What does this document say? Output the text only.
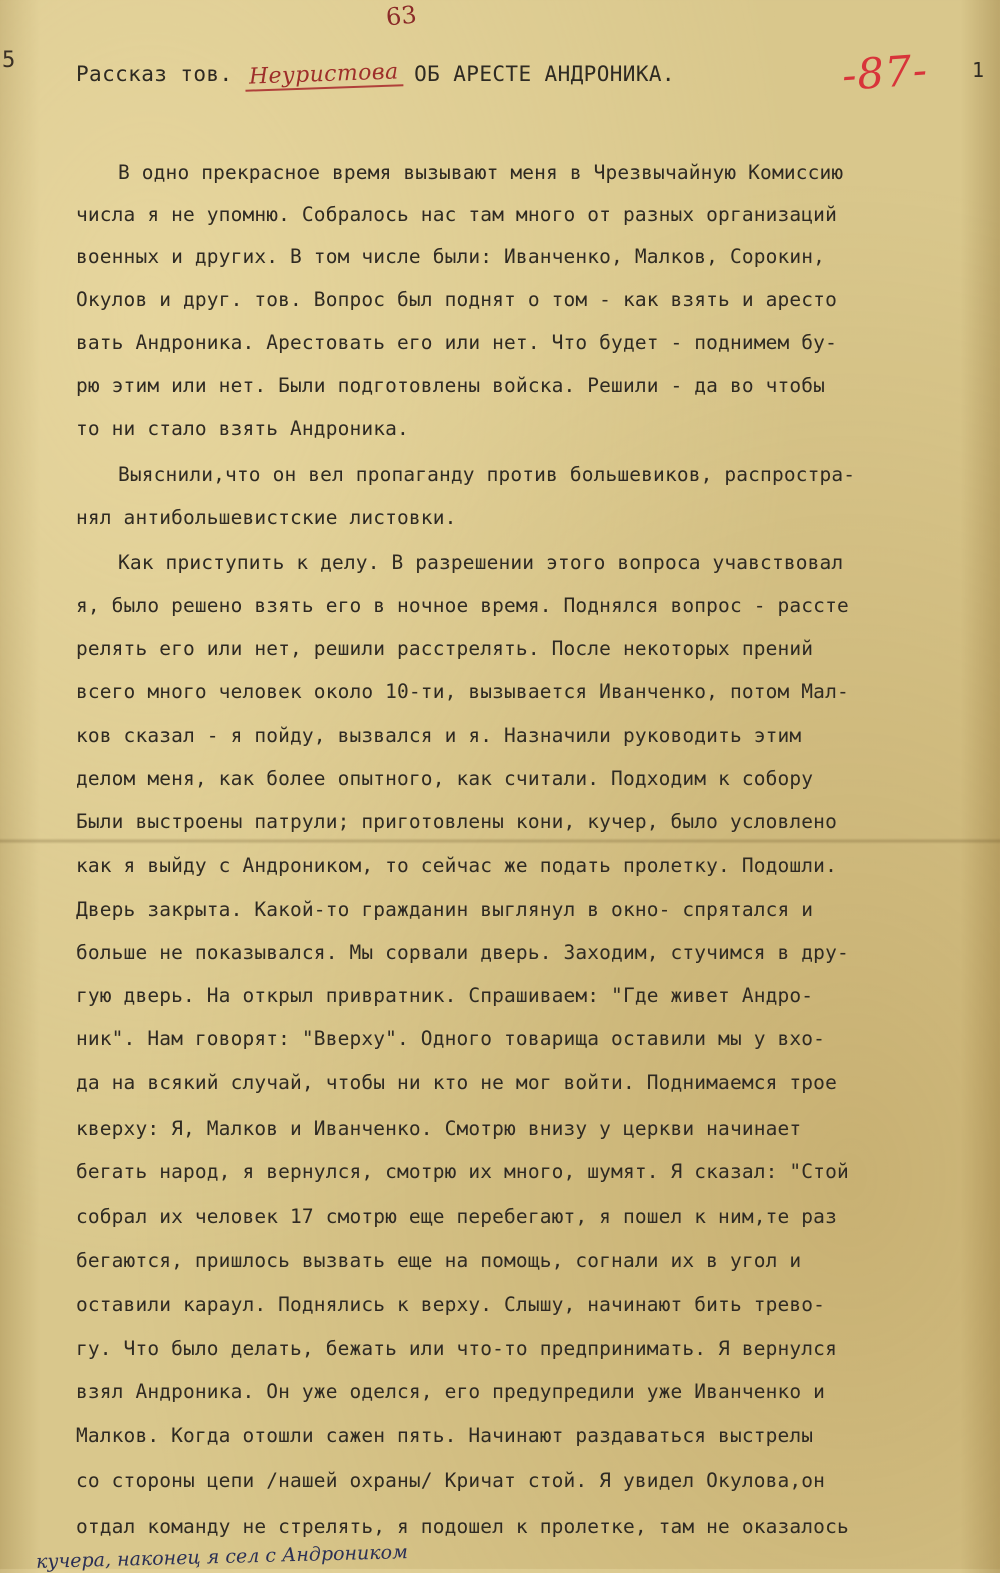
5
63
-87- 1
Рассказ тов. Неуристова ОБ АРЕСТЕ АНДРОНИКА.
В одно прекрасное время вызывают меня в Чрезвычайную Комиссию
числа я не упомню. Собралось нас там много от разных организаций
военных и других. В том числе были: Иванченко, Малков, Сорокин,
Окулов и друг. тов. Вопрос был поднят о том - как взять и аресто
вать Андроника. Арестовать его или нет. Что будет - поднимем бу-
рю этим или нет. Были подготовлены войска. Решили - да во чтобы
то ни стало взять Андроника.
Выяснили,что он вел пропаганду против большевиков, распростра-
нял антибольшевистские листовки.
Как приступить к делу. В разрешении этого вопроса учавствовал
я, было решено взять его в ночное время. Поднялся вопрос - paccтe
релять его или нет, решили расстрелять. После некоторых прений
всего много человек около 10-ти, вызывается Иванченко, потом Мал-
ков сказал - я пойду, вызвался и я. Назначили руководить этим
делом меня, как более опытного, как считали. Подходим к собору
Были выстроены патрули; приготовлены кони, кучер, было условлено
как я выйду с Андроником, то сейчас же подать пролетку. Подошли.
Дверь закрыта. Какой-то гражданин выглянул в окно- спрятался и
больше не показывался. Мы сорвали дверь. Заходим, стучимся в дру-
гую дверь. На открыл привратник. Спрашиваем: "Где живет Андро-
ник". Нам говорят: "Вверху". Одного товарища оставили мы у вхо-
да на всякий случай, чтобы ни кто не мог войти. Поднимаемся трое
кверху: Я, Малков и Иванченко. Смотрю внизу у церкви начинает
бегать народ, я вернулся, смотрю их много, шумят. Я сказал: "Стой
собрал их человек 17 смотрю еще перебегают, я пошел к ним,те раз
бегаются, пришлось вызвать еще на помощь, согнали их в угол и
оставили караул. Поднялись к верху. Слышу, начинают бить трево-
гу. Что было делать, бежать или что-то предпринимать. Я вернулся
взял Андроника. Он уже оделся, его предупредили уже Иванченко и
Малков. Когда отошли сажен пять. Начинают раздаваться выстрелы
со стороны цепи /нашей охраны/ Кричат стой. Я увидел Окулова,он
отдал команду не стрелять, я подошел к пролетке, там не оказалось
кучера, наконец я сел с Андроником
